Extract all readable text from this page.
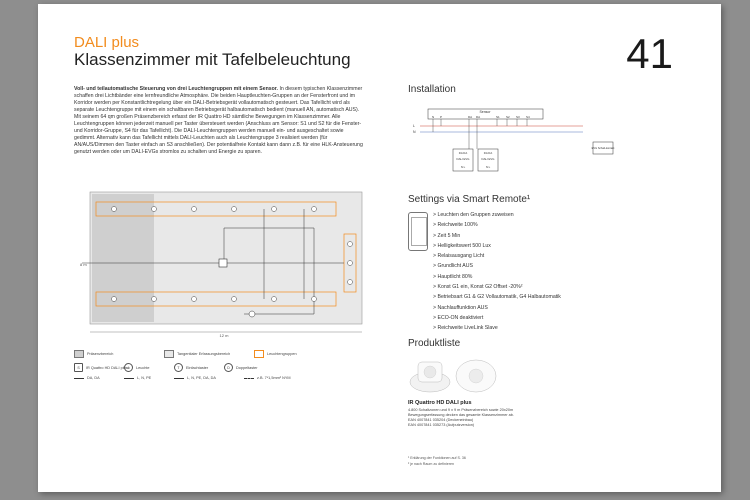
DALI plus
Klassenzimmer mit Tafelbeleuchtung	41
Voll- und teilautomatische Steuerung von drei Leuchtengruppen mit einem Sensor. In diesem typischen Klassenzimmer schaffen drei Lichtbänder eine lernfreundliche Atmosphäre. Die beiden Hauptleuchten-Gruppen an der Fensterfront und im Korridor werden per Konstantlichtregelung über ein DALI-Betriebsgerät vollautomatisch gesteuert. Das Tafellicht wird als separate Leuchtengruppe mit einem ein schaltbaren Betriebsgerät halbautomatisch bedient (manuell AN, automatisch AUS). Mit seinem 64 qm großen Präsenzbereich erfasst der IR Quattro HD sämtliche Bewegungen im Klassenzimmer. Alle Leuchtengruppen können jederzeit manuell per Taster übersteuert werden (Anschluss am Sensor: S1 und S2 für die Fenster- und Korridor-Gruppe, S4 für das Tafellicht). Die DALI-Leuchtengruppen werden manuell ein- und ausgeschaltet sowie gedimmt. Alternativ kann das Tafellicht mittels DALI-Leuchten auch als Leuchtengruppe 3 realisiert werden (für AN/AUS/Dimmen den Taster einfach an S3 anschließen). Der potentialfreie Kontakt kann dann z.B. für eine HLK-Ansteuerung genutzt werden oder um DALI-EVGs stromlos zu schalten und Energie zu sparen.
12 m
8 m
Präsenzbereich	Tangentialer Erfassungsbereich	Leuchtengruppen
S	IR Quattro HD DALI plus ⊗	Leuchte	T	Einfachtaster	D	Doppeltaster
DA, DA	L, N, PE	L, N, PE, DA, DA	z.B. 7*1,5mm² NYM
Installation
Sensor
N P	DA DA	S1 S2 S3 S4
L
N
DA DA
DALI EVG
N L
DA DA
DALI EVG
N L
EVG Schalt-kontakt
Settings via Smart Remote¹
> Leuchten den Gruppen zuweisen
> Reichweite 100%
> Zeit 5 Min
> Helligkeitswert 500 Lux
> Relaisausgang Licht
> Grundlicht AUS
> Hauptlicht 80%
> Konst G1 ein, Konst G2 Offset -20%²
> Betriebsart G1 & G2 Vollautomatik, G4 Halbautomatik
> Nachlauffunktion AUS
> ECO-ON deaktiviert
> Reichweite LiveLink Slave
Produktliste
IR Quattro HD DALI plus
4.800 Schaltzonen und 9 x 9 m Präsenzbereich sowie 20x20m Bewegungserfassung decken das gesamte Klassenzimmer ab.
EAN 4007841 035204 (Deckeneinbau)
EAN 4007841 035273 (Aufputzversion)
¹ Erklärung der Funktionen auf S. 36
² je nach Raum zu definieren
